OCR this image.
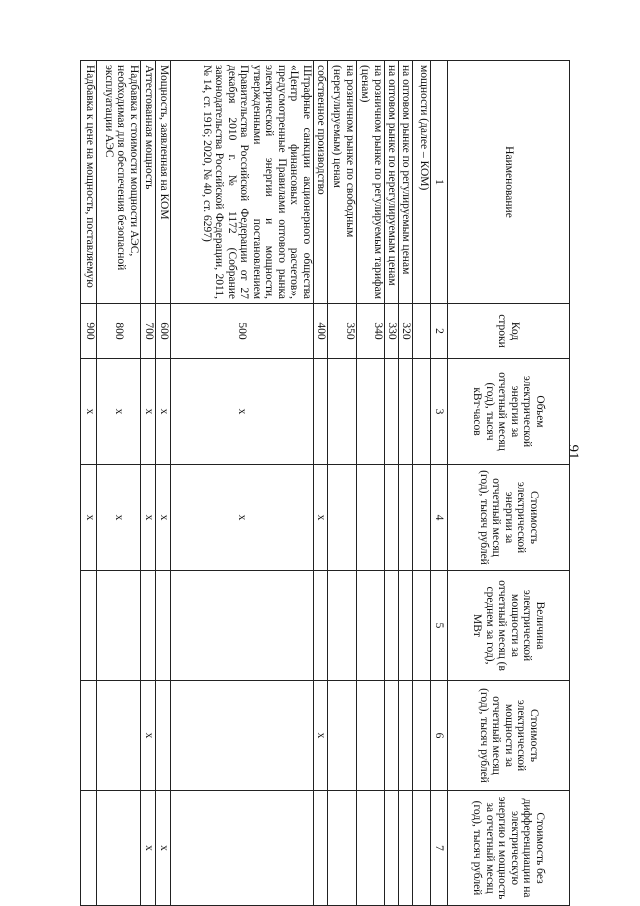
91
Наименование	Код строки	Объем электрической энергии за отчетный месяц (год), тысяч кВт∙часов	Стоимость электрической энергии за отчетный месяц (год), тысяч рублей	Величина электрической мощности за отчетный месяц (в среднем за год), МВт	Стоимость электрической мощности за отчетный месяц (год), тысяч рублей	Стоимость без дифференциации на электрическую энергию и мощность за отчетный месяц (год), тысяч рублей
1	2	3	4	5	6	7
мощности (далее – КОМ)						
на оптовом рынке по регулируемым ценам	320					
на оптовом рынке по нерегулируемым ценам	330					
на розничном рынке по регулируемым тарифам (ценам)	340					
на розничном рынке по свободным (нерегулируемым) ценам	350					
собственное производство	400		х		х	
Штрафные санкции акционерного общества «Центр финансовых расчетов», предусмотренные Правилами оптового рынка электрической энергии и мощности, утвержденными постановлением Правительства Российской Федерации от 27 декабря 2010 г. № 1172 (Собрание законодательства Российской Федерации, 2011, № 14, ст. 1916; 2020, № 40, ст. 6297)	500	х	х			
Мощность, заявленная на КОМ	600	х	х			х
Аттестованная мощность	700	х	х		х	х
Надбавка к стоимости мощности АЭС, необходимая для обеспечения безопасной эксплуатации АЭС	800	х	х			
Надбавка к цене на мощность, поставляемую	900	х	х			
